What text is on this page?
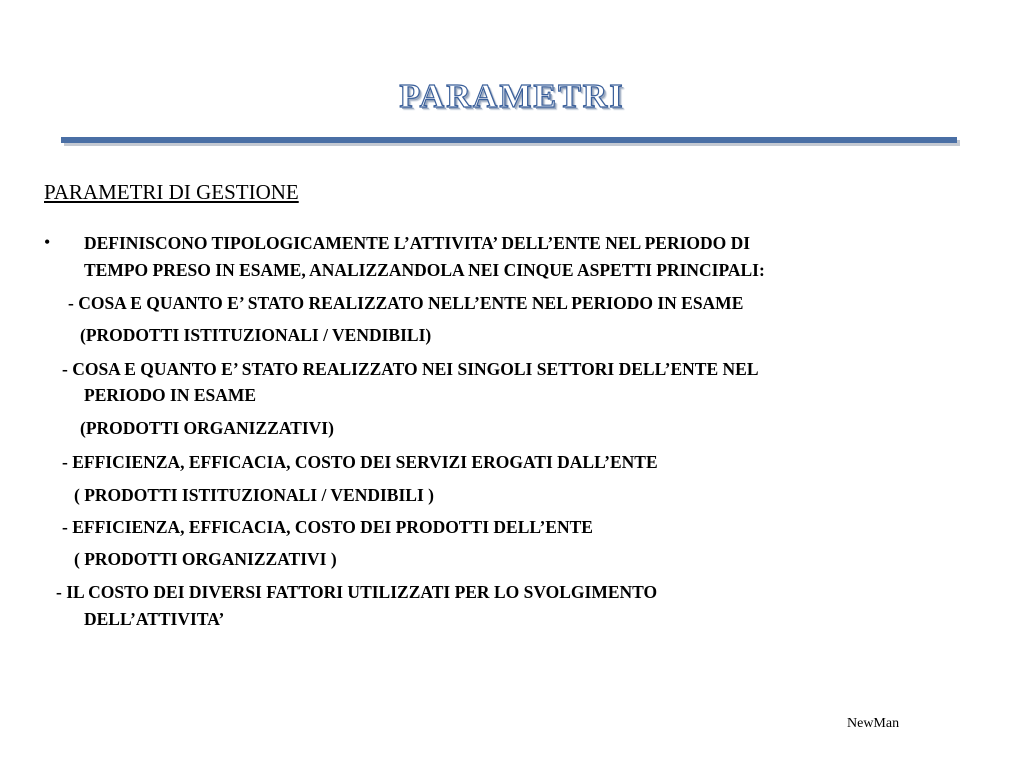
PARAMETRI
PARAMETRI DI GESTIONE
• DEFINISCONO TIPOLOGICAMENTE L’ATTIVITA’ DELL’ENTE NEL PERIODO DI
TEMPO PRESO IN ESAME, ANALIZZANDOLA NEI CINQUE ASPETTI PRINCIPALI:
- COSA E QUANTO E’ STATO REALIZZATO NELL’ENTE NEL PERIODO IN ESAME
(PRODOTTI ISTITUZIONALI / VENDIBILI)
- COSA E QUANTO E’ STATO REALIZZATO NEI SINGOLI SETTORI DELL’ENTE NEL
PERIODO IN ESAME
(PRODOTTI ORGANIZZATIVI)
- EFFICIENZA, EFFICACIA, COSTO DEI SERVIZI EROGATI DALL’ENTE
( PRODOTTI ISTITUZIONALI / VENDIBILI )
- EFFICIENZA, EFFICACIA, COSTO DEI PRODOTTI DELL’ENTE
( PRODOTTI ORGANIZZATIVI )
- IL COSTO DEI DIVERSI FATTORI UTILIZZATI PER LO SVOLGIMENTO
DELL’ATTIVITA’
NewMan
